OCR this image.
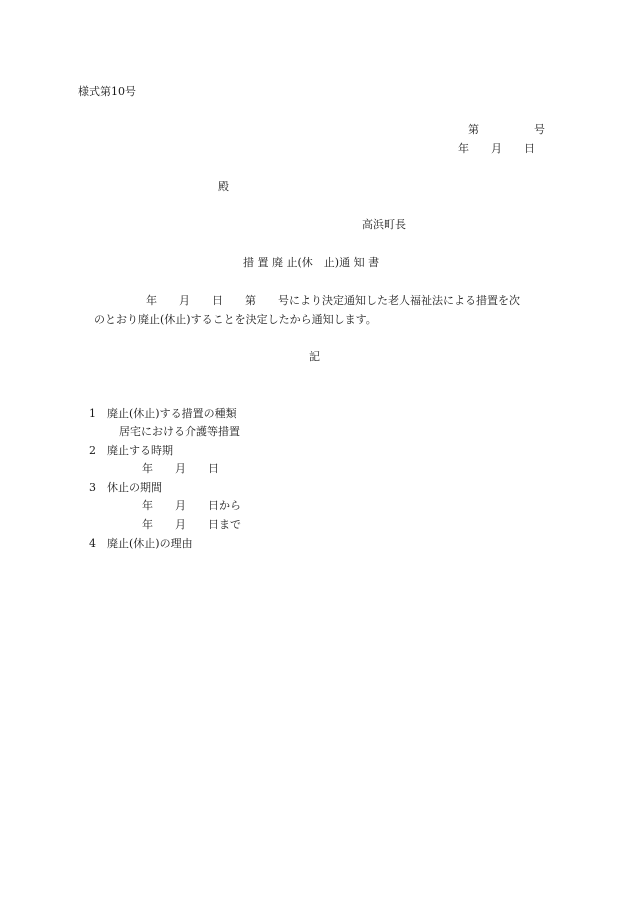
様式第10号
第　　　　　号
年　　月　　日
殿
高浜町長
措 置 廃 止(休　止)通 知 書
年　　月　　日　　第　　号により決定通知した老人福祉法による措置を次
のとおり廃止(休止)することを決定したから通知します。
記
1 廃止(休止)する措置の種類
居宅における介護等措置
2 廃止する時期
年　　月　　日
3 休止の期間
年　　月　　日から
年　　月　　日まで
4 廃止(休止)の理由
